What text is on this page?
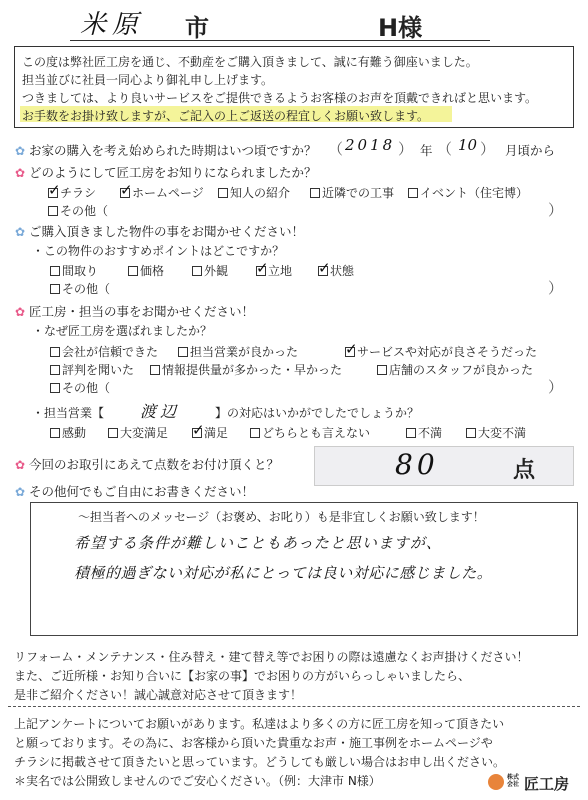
米原 市	H様
この度は弊社匠工房を通じ、不動産をご購入頂きまして、誠に有難う御座いました。
担当並びに社員一同心より御礼申し上げます。
つきましては、より良いサービスをご提供できるようお客様のお声を頂戴できればと思います。
お手数をお掛け致しますが、ご記入の上ご返送の程宜しくお願い致します。
✿ お家の購入を考え始められた時期はいつ頃ですか？ （ 2018 ） 年 （ 10 ） 月頃から
✿ どのようにして匠工房をお知りになられましたか？
✓チラシ ✓	ホームページ	知人の紹介	近隣での工事	イベント（住宅博）
その他（	）
✿ ご購入頂きました物件の事をお聞かせください！
・この物件のおすすめポイントはどこですか？
間取り	価格	外観 ✓	立地 ✓	状態
その他（	）
✿ 匠工房・担当の事をお聞かせください！
・なぜ匠工房を選ばれましたか？
会社が信頼できた	担当営業が良かった ✓	サービスや対応が良さそうだった
評判を聞いた	情報提供量が多かった・早かった	店舗のスタッフが良かった
その他（	）
・担当営業【 渡辺	】の対応はいかがでしたでしょうか？
感動	大変満足 ✓	満足	どちらとも言えない	不満	大変不満
✿ 今回のお取引にあえて点数をお付け頂くと？	80	点
✿ その他何でもご自由にお書きください！
～担当者へのメッセージ（お褒め、お叱り）も是非宜しくお願い致します！
希望する条件が難しいこともあったと思いますが、
積極的過ぎない対応が私にとっては良い対応に感じました。
リフォーム・メンテナンス・住み替え・建て替え等でお困りの際は遠慮なくお声掛けください！
また、ご近所様・お知り合いに【お家の事】でお困りの方がいらっしゃいましたら、
是非ご紹介ください！誠心誠意対応させて頂きます！
上記アンケートについてお願いがあります。私達はより多くの方に匠工房を知って頂きたい
と願っております。その為に、お客様から頂いた貴重なお声・施工事例をホームページや
チラシに掲載させて頂きたいと思っています。どうしても厳しい場合はお申し出ください。
＊実名では公開致しませんのでご安心ください。（例：大津市 N様）	株式会社 匠工房
